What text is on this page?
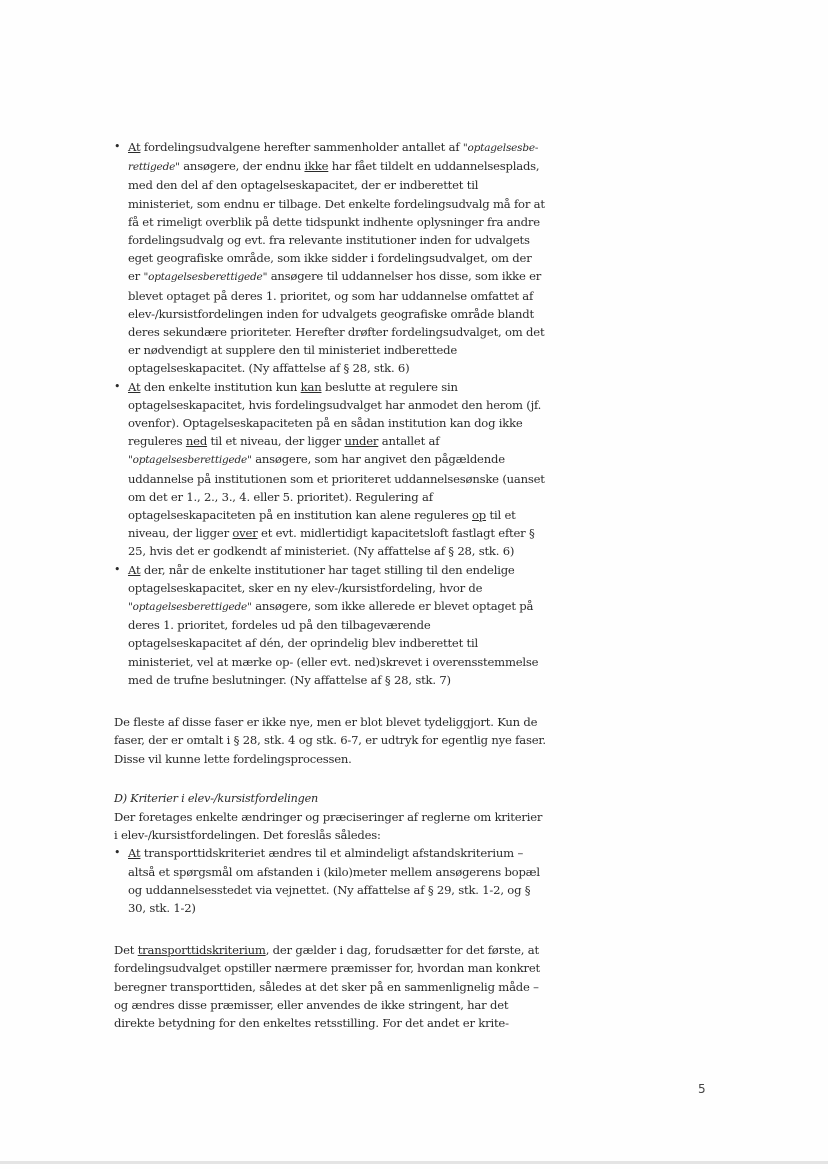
• At fordelingsudvalgene herefter sammenholder antallet af "optagelsesbe-rettigede" ansøgere, der endnu ikke har fået tildelt en uddannelsesplads, med den del af den optagelseskapacitet, der er indberettet til ministeriet, som endnu er tilbage. Det enkelte fordelingsudvalg må for at få et rimeligt overblik på dette tidspunkt indhente oplysninger fra andre fordelingsudvalg og evt. fra relevante institutioner inden for udvalgets eget geografiske område, som ikke sidder i fordelingsudvalget, om der er "optagelsesberettigede" ansøgere til uddannelser hos disse, som ikke er blevet optaget på deres 1. prioritet, og som har uddannelse omfattet af elev-/kursistfordelingen inden for udvalgets geografiske område blandt deres sekundære prioriteter. Herefter drøfter fordelingsudvalget, om det er nødvendigt at supplere den til ministeriet indberettede optagelseskapacitet. (Ny affattelse af § 28, stk. 6)
• At den enkelte institution kun kan beslutte at regulere sin optagelseskapacitet, hvis fordelingsudvalget har anmodet den herom (jf. ovenfor). Optagelseskapaciteten på en sådan institution kan dog ikke reguleres ned til et niveau, der ligger under antallet af "optagelsesberettigede" ansøgere, som har angivet den pågældende uddannelse på institutionen som et prioriteret uddannelsesønske (uanset om det er 1., 2., 3., 4. eller 5. prioritet). Regulering af optagelseskapaciteten på en institution kan alene reguleres op til et niveau, der ligger over et evt. midlertidigt kapacitetsloft fastlagt efter § 25, hvis det er godkendt af ministeriet. (Ny affattelse af § 28, stk. 6)
• At der, når de enkelte institutioner har taget stilling til den endelige optagelseskapacitet, sker en ny elev-/kursistfordeling, hvor de "optagelsesberettigede" ansøgere, som ikke allerede er blevet optaget på deres 1. prioritet, fordeles ud på den tilbageværende optagelseskapacitet af dén, der oprindelig blev indberettet til ministeriet, vel at mærke op- (eller evt. ned)skrevet i overensstemmelse med de trufne beslutninger. (Ny affattelse af § 28, stk. 7)

De fleste af disse faser er ikke nye, men er blot blevet tydeliggjort. Kun de faser, der er omtalt i § 28, stk. 4 og stk. 6-7, er udtryk for egentlig nye faser. Disse vil kunne lette fordelingsprocessen.

D) Kriterier i elev-/kursistfordelingen
Der foretages enkelte ændringer og præciseringer af reglerne om kriterier i elev-/kursistfordelingen. Det foreslås således:
• At transporttidskriteriet ændres til et almindeligt afstandskriterium – altså et spørgsmål om afstanden i (kilo)meter mellem ansøgerens bopæl og uddannelsesstedet via vejnettet. (Ny affattelse af § 29, stk. 1-2, og § 30, stk. 1-2)

Det transporttidskriterium, der gælder i dag, forudsætter for det første, at fordelingsudvalget opstiller nærmere præmisser for, hvordan man konkret beregner transporttiden, således at det sker på en sammenlignelig måde – og ændres disse præmisser, eller anvendes de ikke stringent, har det direkte betydning for den enkeltes retsstilling. For det andet er krite-

5
